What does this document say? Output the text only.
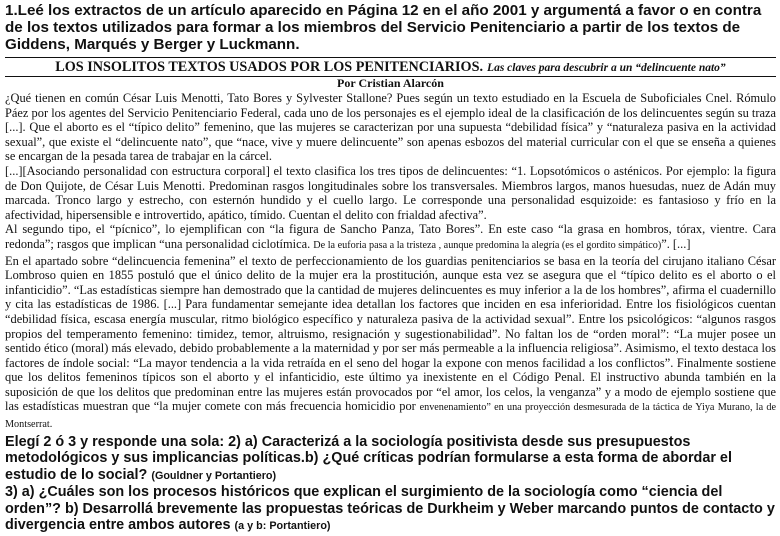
1.Leé los extractos de un artículo aparecido en Página 12 en el año 2001 y argumentá a favor o en contra de los textos utilizados para formar a los miembros del Servicio Penitenciario a partir de los textos de Giddens, Marqués y Berger y Luckmann.

LOS INSOLITOS TEXTOS USADOS POR LOS PENITENCIARIOS. Las claves para descubrir a un “delincuente nato”
Por Cristian Alarcón

¿Qué tienen en común César Luis Menotti, Tato Bores y Sylvester Stallone? Pues según un texto estudiado en la Escuela de Suboficiales Cnel. Rómulo Páez por los agentes del Servicio Penitenciario Federal, cada uno de los personajes es el ejemplo ideal de la clasificación de los delincuentes según su traza [...]. Que el aborto es el “típico delito” femenino, que las mujeres se caracterizan por una supuesta “debilidad física” y “naturaleza pasiva en la actividad sexual”, que existe el “delincuente nato”, que “nace, vive y muere delincuente” son apenas esbozos del material curricular con el que se enseña a quienes se encargan de la pesada tarea de trabajar en la cárcel.

[...][Asociando personalidad con estructura corporal] el texto clasifica los tres tipos de delincuentes: “1. Lopsotómicos o asténicos. Por ejemplo: la figura de Don Quijote, de César Luis Menotti. Predominan rasgos longitudinales sobre los transversales. Miembros largos, manos huesudas, nuez de Adán muy marcada. Tronco largo y estrecho, con esternón hundido y el cuello largo. Le corresponde una personalidad esquizoide: es fantasioso y frío en la afectividad, hipersensible e introvertido, apático, tímido. Cuentan el delito con frialdad afectiva”.

Al segundo tipo, el “pícnico”, lo ejemplifican con “la figura de Sancho Panza, Tato Bores”. En este caso “la grasa en hombros, tórax, vientre. Cara redonda”; rasgos que implican “una personalidad ciclotímica. De la euforia pasa a la tristeza , aunque predomina la alegría (es el gordito simpático)”. [...]

En el apartado sobre “delincuencia femenina” el texto de perfeccionamiento de los guardias penitenciarios se basa en la teoría del cirujano italiano César Lombroso quien en 1855 postuló que el único delito de la mujer era la prostitución, aunque esta vez se asegura que el “típico delito es el aborto o el infanticidio”. “Las estadísticas siempre han demostrado que la cantidad de mujeres delincuentes es muy inferior a la de los hombres”, afirma el cuadernillo y cita las estadísticas de 1986. [...] Para fundamentar semejante idea detallan los factores que inciden en esa inferioridad. Entre los fisiológicos cuentan “debilidad física, escasa energía muscular, ritmo biológico específico y naturaleza pasiva de la actividad sexual”. Entre los psicológicos: “algunos rasgos propios del temperamento femenino: timidez, temor, altruismo, resignación y sugestionabilidad”. No faltan los de “orden moral”: “La mujer posee un sentido ético (moral) más elevado, debido probablemente a la maternidad y por ser más permeable a la influencia religiosa”. Asimismo, el texto destaca los factores de índole social: “La mayor tendencia a la vida retraída en el seno del hogar la expone con menos facilidad a los conflictos”. Finalmente sostiene que los delitos femeninos típicos son el aborto y el infanticidio, este último ya inexistente en el Código Penal. El instructivo abunda también en la suposición de que los delitos que predominan entre las mujeres están provocados por “el amor, los celos, la venganza” y a modo de ejemplo sostiene que las estadísticas muestran que “la mujer comete con más frecuencia homicidio por envenenamiento” en una proyección desmesurada de la táctica de Yiya Murano, la de Montserrat.

Elegí 2 ó 3 y responde una sola: 2) a) Caracterizá a la sociología positivista desde sus presupuestos metodológicos y sus implicancias políticas.b) ¿Qué críticas podrían formularse a esta forma de abordar el estudio de lo social? (Gouldner y Portantiero)
3) a) ¿Cuáles son los procesos históricos que explican el surgimiento de la sociología como “ciencia del orden”? b) Desarrollá brevemente las propuestas teóricas de Durkheim y Weber marcando puntos de contacto y divergencia entre ambos autores (a y b: Portantiero)
